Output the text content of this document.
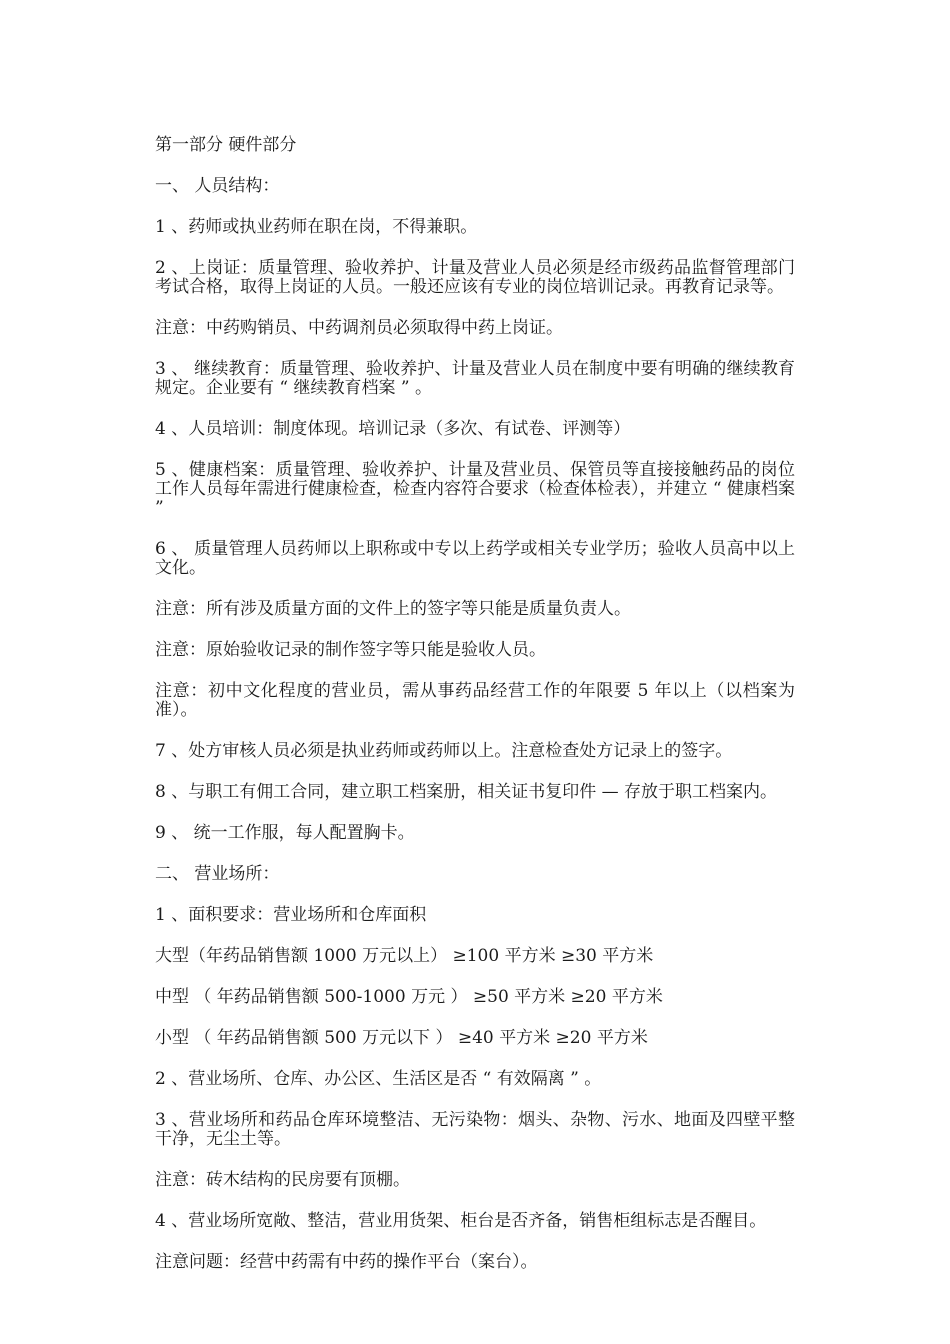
第一部分 硬件部分

一、 人员结构：

1 、药师或执业药师在职在岗，不得兼职。

2 、上岗证：质量管理、验收养护、计量及营业人员必须是经市级药品监督管理部门考试合格，取得上岗证的人员。一般还应该有专业的岗位培训记录。再教育记录等。

注意：中药购销员、中药调剂员必须取得中药上岗证。

3 、 继续教育：质量管理、验收养护、计量及营业人员在制度中要有明确的继续教育规定。企业要有 “ 继续教育档案 ” 。

4 、人员培训：制度体现。培训记录（多次、有试卷、评测等）

5 、健康档案：质量管理、验收养护、计量及营业员、保管员等直接接触药品的岗位工作人员每年需进行健康检查，检查内容符合要求（检查体检表），并建立 “ 健康档案 ”

6 、 质量管理人员药师以上职称或中专以上药学或相关专业学历；验收人员高中以上文化。

注意：所有涉及质量方面的文件上的签字等只能是质量负责人。

注意：原始验收记录的制作签字等只能是验收人员。

注意：初中文化程度的营业员，需从事药品经营工作的年限要 5 年以上（以档案为准）。

7 、处方审核人员必须是执业药师或药师以上。注意检查处方记录上的签字。

8 、与职工有佣工合同，建立职工档案册，相关证书复印件 — 存放于职工档案内。

9 、 统一工作服，每人配置胸卡。

二、 营业场所：

1 、面积要求：营业场所和仓库面积

大型（年药品销售额 1000 万元以上） ≥100 平方米 ≥30 平方米

中型 （ 年药品销售额 500-1000 万元 ） ≥50 平方米 ≥20 平方米

小型 （ 年药品销售额 500 万元以下 ） ≥40 平方米 ≥20 平方米

2 、营业场所、仓库、办公区、生活区是否 “ 有效隔离 ” 。

3 、营业场所和药品仓库环境整洁、无污染物：烟头、杂物、污水、地面及四壁平整干净，无尘土等。

注意：砖木结构的民房要有顶棚。

4 、营业场所宽敞、整洁，营业用货架、柜台是否齐备，销售柜组标志是否醒目。

注意问题：经营中药需有中药的操作平台（案台）。
